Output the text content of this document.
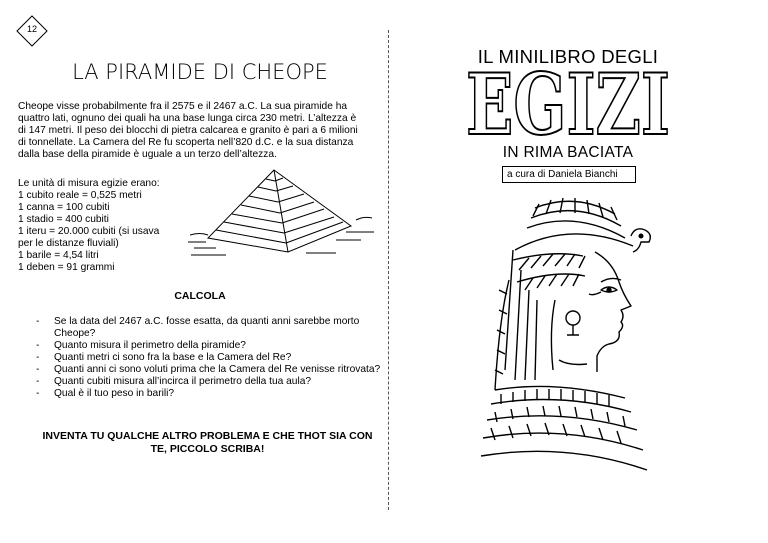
12
LA PIRAMIDE DI CHEOPE
Cheope visse probabilmente fra il 2575 e il 2467 a.C. La sua piramide ha
quattro lati, ognuno dei quali ha una base lunga circa 230 metri. L’altezza è
di 147 metri. Il peso dei blocchi di pietra calcarea e granito è pari a 6 milioni
di tonnellate. La Camera del Re fu scoperta nell’820 d.C. e la sua distanza
dalla base della piramide è uguale a un terzo dell’altezza.
Le unità di misura egizie erano:
1 cubito reale = 0,525 metri
1 canna = 100 cubiti
1 stadio = 400 cubiti
1 iteru = 20.000 cubiti (si usava
per le distanze fluviali)
1 barile = 4,54 litri
1 deben = 91 grammi
CALCOLA
- Se la data del 2467 a.C. fosse esatta, da quanti anni sarebbe morto Cheope?
- Quanto misura il perimetro della piramide?
- Quanti metri ci sono fra la base e la Camera del Re?
- Quanti anni ci sono voluti prima che la Camera del Re venisse ritrovata?
- Quanti cubiti misura all’incirca il perimetro della tua aula?
- Qual è il tuo peso in barili?
INVENTA TU QUALCHE ALTRO PROBLEMA E CHE THOT SIA CON TE, PICCOLO SCRIBA!
IL MINILIBRO DEGLI
EGIZI
IN RIMA BACIATA
a cura di Daniela Bianchi
